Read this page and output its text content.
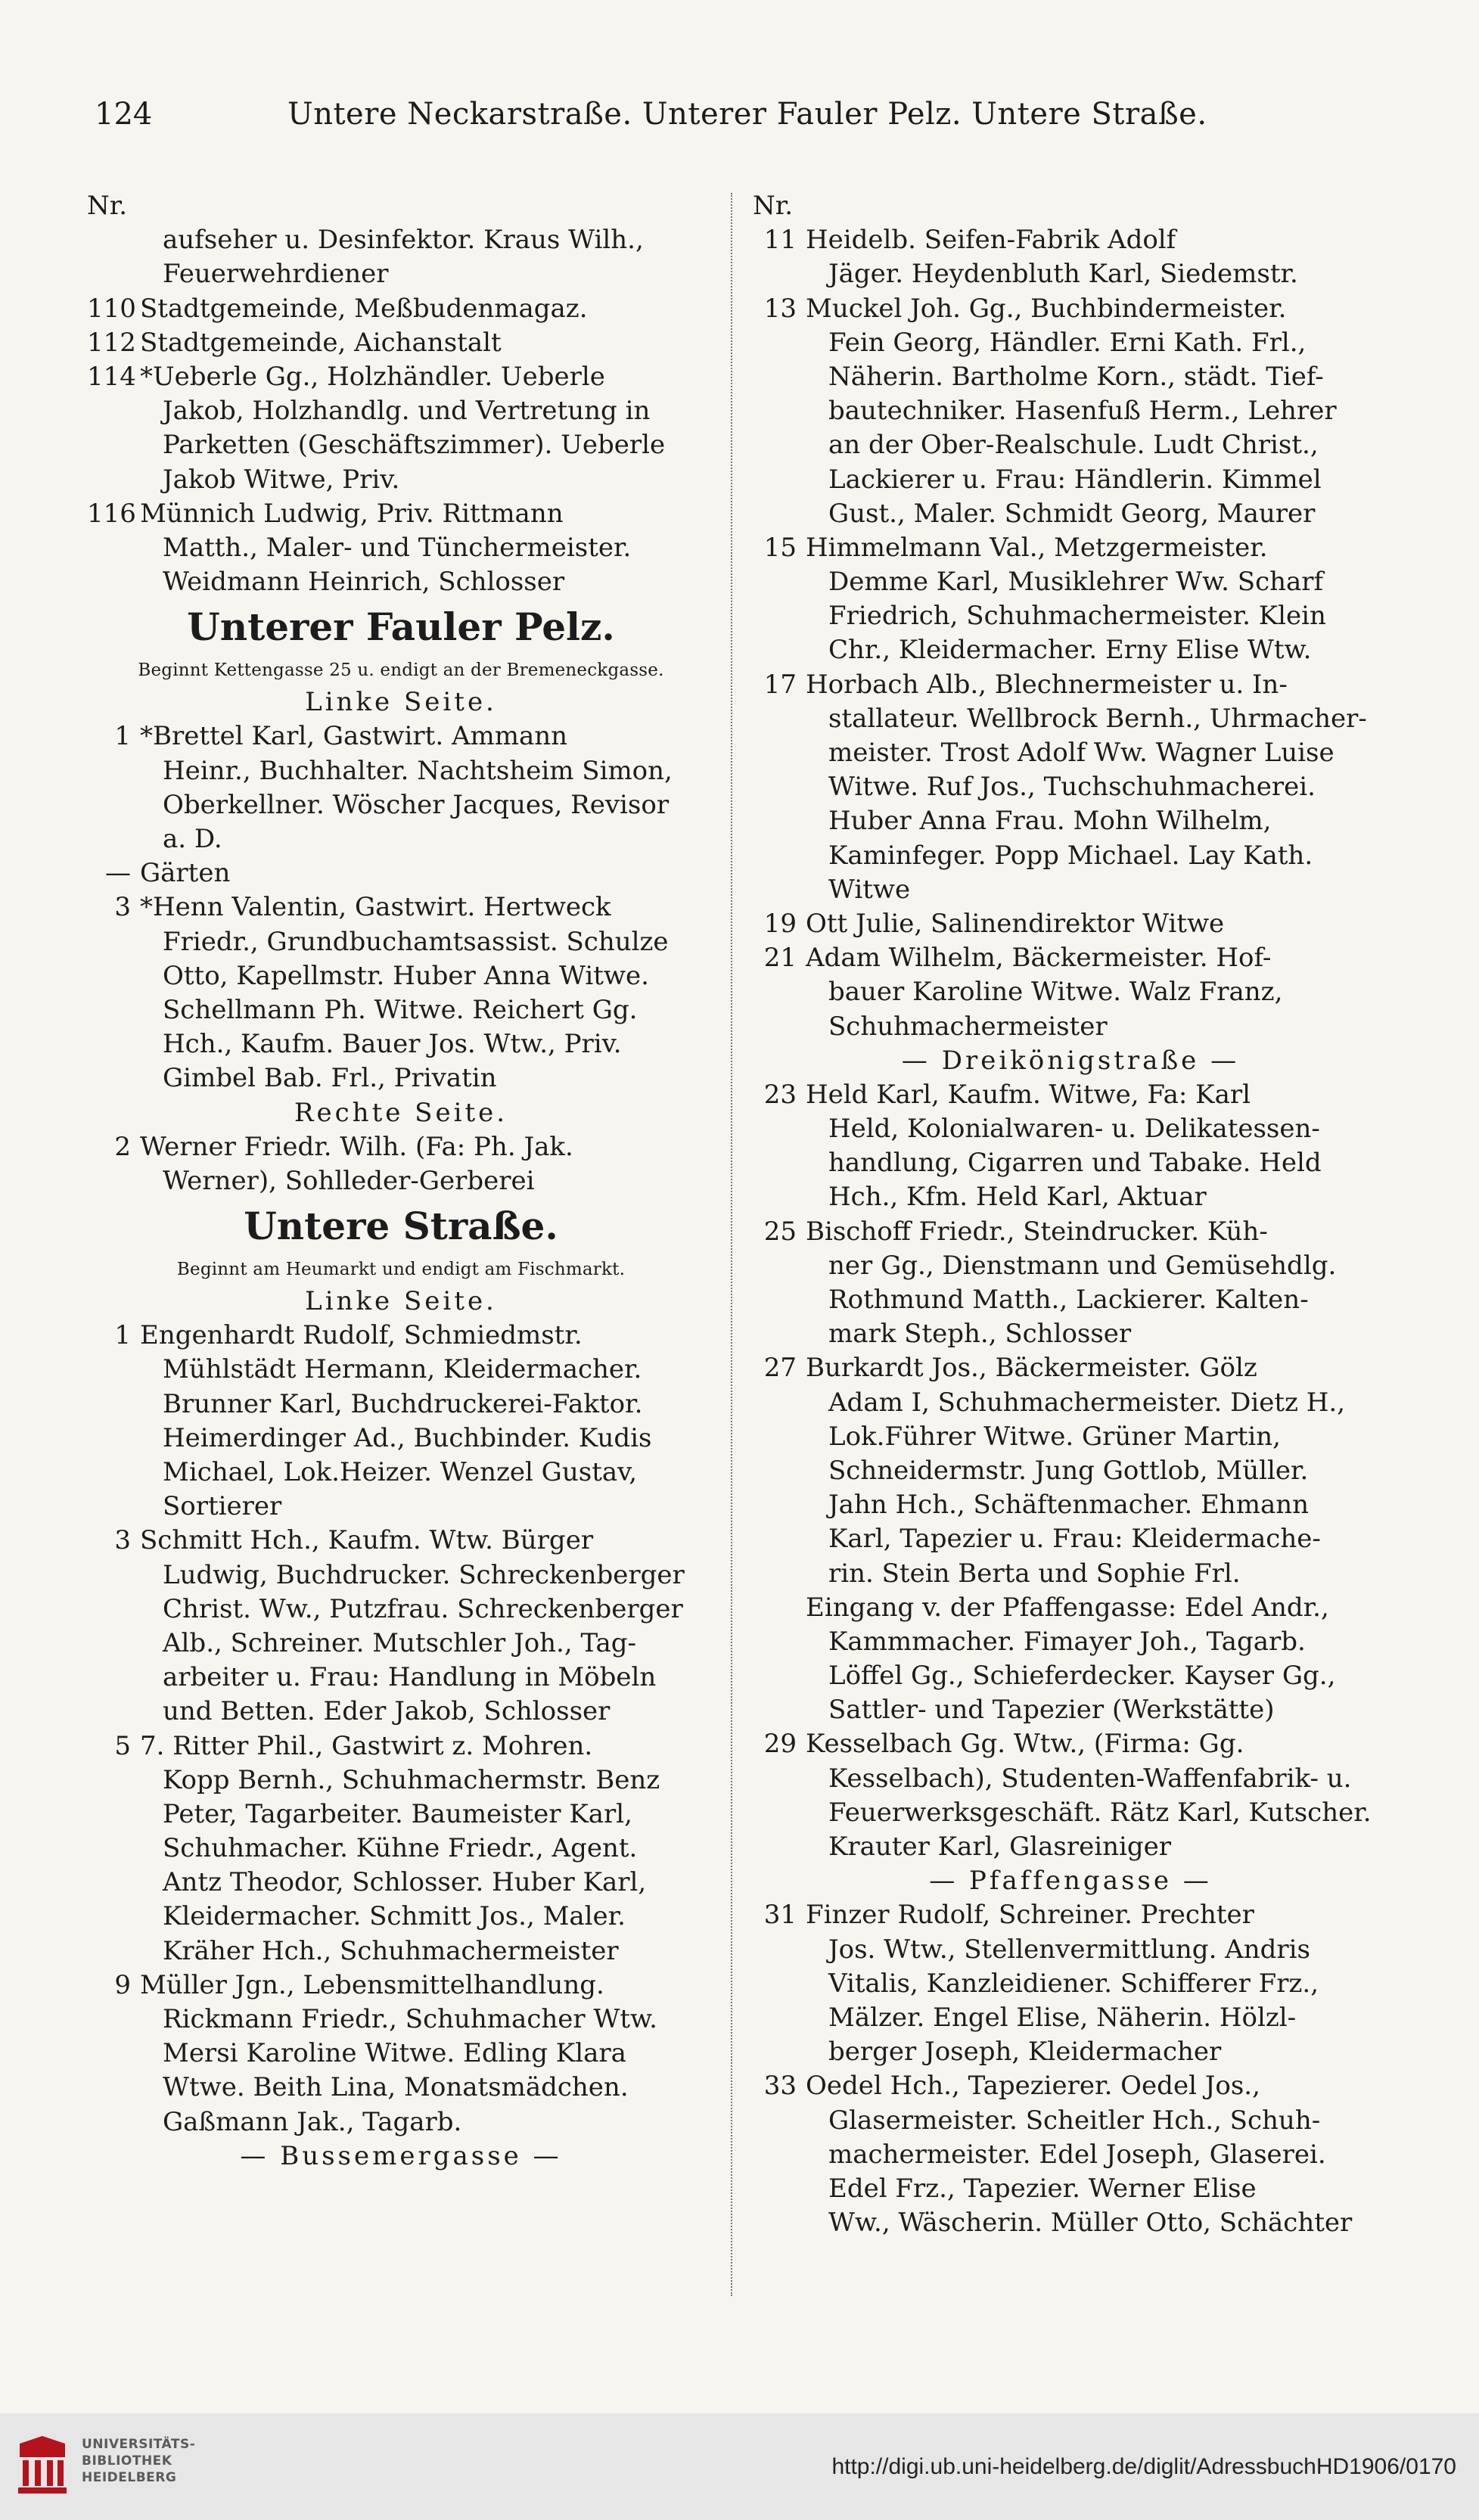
124	Untere Neckarstraße. Unterer Fauler Pelz. Untere Straße.
Nr.
aufseher u. Desinfektor. Kraus Wilh.,
Feuerwehrdiener
110 Stadtgemeinde, Meßbudenmagaz.
112 Stadtgemeinde, Aichanstalt
114 *Ueberle Gg., Holzhändler. Ueberle
Jakob, Holzhandlg. und Vertretung in
Parketten (Geschäftszimmer). Ueberle
Jakob Witwe, Priv.
116 Münnich Ludwig, Priv. Rittmann
Matth., Maler- und Tünchermeister.
Weidmann Heinrich, Schlosser
Unterer Fauler Pelz.
Beginnt Kettengasse 25 u. endigt an der Bremeneckgasse.
Linke Seite.
1 *Brettel Karl, Gastwirt. Ammann
Heinr., Buchhalter. Nachtsheim Simon,
Oberkellner. Wöscher Jacques, Revisor
a. D.
— Gärten
3 *Henn Valentin, Gastwirt. Hertweck
Friedr., Grundbuchamtsassist. Schulze
Otto, Kapellmstr. Huber Anna Witwe.
Schellmann Ph. Witwe. Reichert Gg.
Hch., Kaufm. Bauer Jos. Wtw., Priv.
Gimbel Bab. Frl., Privatin
Rechte Seite.
2 Werner Friedr. Wilh. (Fa: Ph. Jak.
Werner), Sohlleder-Gerberei
Untere Straße.
Beginnt am Heumarkt und endigt am Fischmarkt.
Linke Seite.
1 Engenhardt Rudolf, Schmiedmstr.
Mühlstädt Hermann, Kleidermacher.
Brunner Karl, Buchdruckerei-Faktor.
Heimerdinger Ad., Buchbinder. Kudis
Michael, Lok.Heizer. Wenzel Gustav,
Sortierer
3 Schmitt Hch., Kaufm. Wtw. Bürger
Ludwig, Buchdrucker. Schreckenberger
Christ. Ww., Putzfrau. Schreckenberger
Alb., Schreiner. Mutschler Joh., Tag-
arbeiter u. Frau: Handlung in Möbeln
und Betten. Eder Jakob, Schlosser
5 7. Ritter Phil., Gastwirt z. Mohren.
Kopp Bernh., Schuhmachermstr. Benz
Peter, Tagarbeiter. Baumeister Karl,
Schuhmacher. Kühne Friedr., Agent.
Antz Theodor, Schlosser. Huber Karl,
Kleidermacher. Schmitt Jos., Maler.
Kräher Hch., Schuhmachermeister
9 Müller Jgn., Lebensmittelhandlung.
Rickmann Friedr., Schuhmacher Wtw.
Mersi Karoline Witwe. Edling Klara
Wtwe. Beith Lina, Monatsmädchen.
Gaßmann Jak., Tagarb.
— Bussemergasse —
Nr.
11 Heidelb. Seifen-Fabrik Adolf
Jäger. Heydenbluth Karl, Siedemstr.
13 Muckel Joh. Gg., Buchbindermeister.
Fein Georg, Händler. Erni Kath. Frl.,
Näherin. Bartholme Korn., städt. Tief-
bautechniker. Hasenfuß Herm., Lehrer
an der Ober-Realschule. Ludt Christ.,
Lackierer u. Frau: Händlerin. Kimmel
Gust., Maler. Schmidt Georg, Maurer
15 Himmelmann Val., Metzgermeister.
Demme Karl, Musiklehrer Ww. Scharf
Friedrich, Schuhmachermeister. Klein
Chr., Kleidermacher. Erny Elise Wtw.
17 Horbach Alb., Blechnermeister u. In-
stallateur. Wellbrock Bernh., Uhrmacher-
meister. Trost Adolf Ww. Wagner Luise
Witwe. Ruf Jos., Tuchschuhmacherei.
Huber Anna Frau. Mohn Wilhelm,
Kaminfeger. Popp Michael. Lay Kath.
Witwe
19 Ott Julie, Salinendirektor Witwe
21 Adam Wilhelm, Bäckermeister. Hof-
bauer Karoline Witwe. Walz Franz,
Schuhmachermeister
— Dreikönigstraße —
23 Held Karl, Kaufm. Witwe, Fa: Karl
Held, Kolonialwaren- u. Delikatessen-
handlung, Cigarren und Tabake. Held
Hch., Kfm. Held Karl, Aktuar
25 Bischoff Friedr., Steindrucker. Küh-
ner Gg., Dienstmann und Gemüsehdlg.
Rothmund Matth., Lackierer. Kalten-
mark Steph., Schlosser
27 Burkardt Jos., Bäckermeister. Gölz
Adam I, Schuhmachermeister. Dietz H.,
Lok.Führer Witwe. Grüner Martin,
Schneidermstr. Jung Gottlob, Müller.
Jahn Hch., Schäftenmacher. Ehmann
Karl, Tapezier u. Frau: Kleidermache-
rin. Stein Berta und Sophie Frl.
Eingang v. der Pfaffengasse: Edel Andr.,
Kammmacher. Fimayer Joh., Tagarb.
Löffel Gg., Schieferdecker. Kayser Gg.,
Sattler- und Tapezier (Werkstätte)
29 Kesselbach Gg. Wtw., (Firma: Gg.
Kesselbach), Studenten-Waffenfabrik- u.
Feuerwerksgeschäft. Rätz Karl, Kutscher.
Krauter Karl, Glasreiniger
— Pfaffengasse —
31 Finzer Rudolf, Schreiner. Prechter
Jos. Wtw., Stellenvermittlung. Andris
Vitalis, Kanzleidiener. Schifferer Frz.,
Mälzer. Engel Elise, Näherin. Hölzl-
berger Joseph, Kleidermacher
33 Oedel Hch., Tapezierer. Oedel Jos.,
Glasermeister. Scheitler Hch., Schuh-
machermeister. Edel Joseph, Glaserei.
Edel Frz., Tapezier. Werner Elise
Ww., Wäscherin. Müller Otto, Schächter
UNIVERSITÄTS-
BIBLIOTHEK
HEIDELBERG	http://digi.ub.uni-heidelberg.de/diglit/AdressbuchHD1906/0170
